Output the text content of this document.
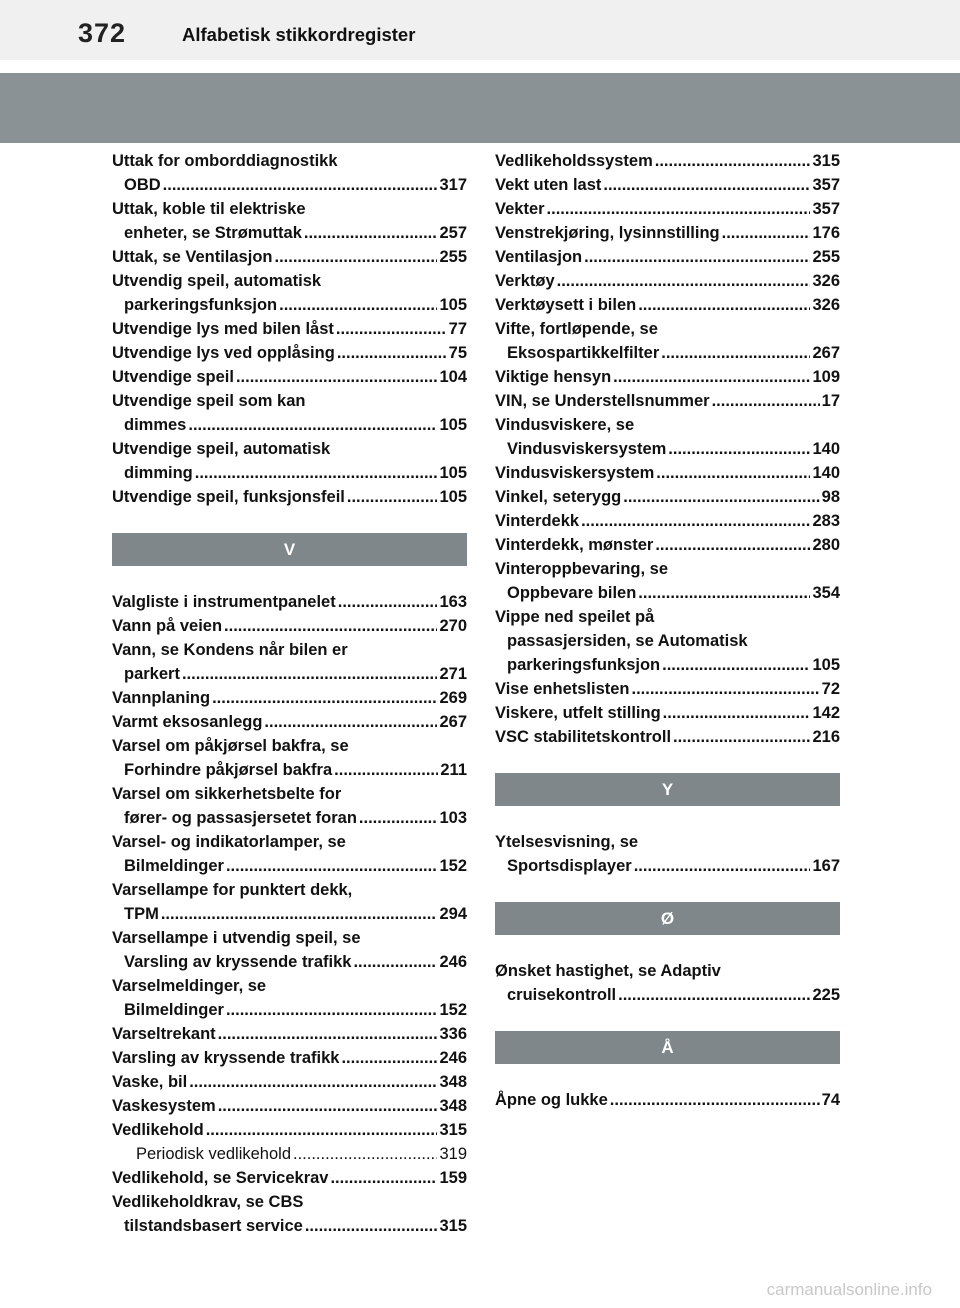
372	Alfabetisk stikkordregister
Uttak for omborddiagnostikk
OBD .....	317
Uttak, koble til elektriske
enheter, se Strømuttak .....	257
Uttak, se Ventilasjon .....	255
Utvendig speil, automatisk
parkeringsfunksjon .....	105
Utvendige lys med bilen låst .....	77
Utvendige lys ved opplåsing .....	75
Utvendige speil .....	104
Utvendige speil som kan
dimmes .....	105
Utvendige speil, automatisk
dimming .....	105
Utvendige speil, funksjonsfeil .....	105
V
Valgliste i instrumentpanelet .....	163
Vann på veien .....	270
Vann, se Kondens når bilen er
parkert .....	271
Vannplaning .....	269
Varmt eksosanlegg .....	267
Varsel om påkjørsel bakfra, se
Forhindre påkjørsel bakfra .....	211
Varsel om sikkerhetsbelte for
fører- og passasjersetet foran .....	103
Varsel- og indikatorlamper, se
Bilmeldinger .....	152
Varsellampe for punktert dekk,
TPM .....	294
Varsellampe i utvendig speil, se
Varsling av kryssende trafikk .....	246
Varselmeldinger, se
Bilmeldinger .....	152
Varseltrekant .....	336
Varsling av kryssende trafikk .....	246
Vaske, bil .....	348
Vaskesystem .....	348
Vedlikehold .....	315
Periodisk vedlikehold .....	319
Vedlikehold, se Servicekrav .....	159
Vedlikeholdkrav, se CBS
tilstandsbasert service .....	315
Vedlikeholdssystem .....	315
Vekt uten last .....	357
Vekter .....	357
Venstrekjøring, lysinnstilling .....	176
Ventilasjon .....	255
Verktøy .....	326
Verktøysett i bilen .....	326
Vifte, fortløpende, se
Eksospartikkelfilter .....	267
Viktige hensyn .....	109
VIN, se Understellsnummer .....	17
Vindusviskere, se
Vindusviskersystem .....	140
Vindusviskersystem .....	140
Vinkel, seterygg .....	98
Vinterdekk .....	283
Vinterdekk, mønster .....	280
Vinteroppbevaring, se
Oppbevare bilen .....	354
Vippe ned speilet på
passasjersiden, se Automatisk
parkeringsfunksjon .....	105
Vise enhetslisten .....	72
Viskere, utfelt stilling .....	142
VSC stabilitetskontroll .....	216
Y
Ytelsesvisning, se
Sportsdisplayer .....	167
Ø
Ønsket hastighet, se Adaptiv
cruisekontroll .....	225
Å
Åpne og lukke .....	74
carmanualsonline.info
